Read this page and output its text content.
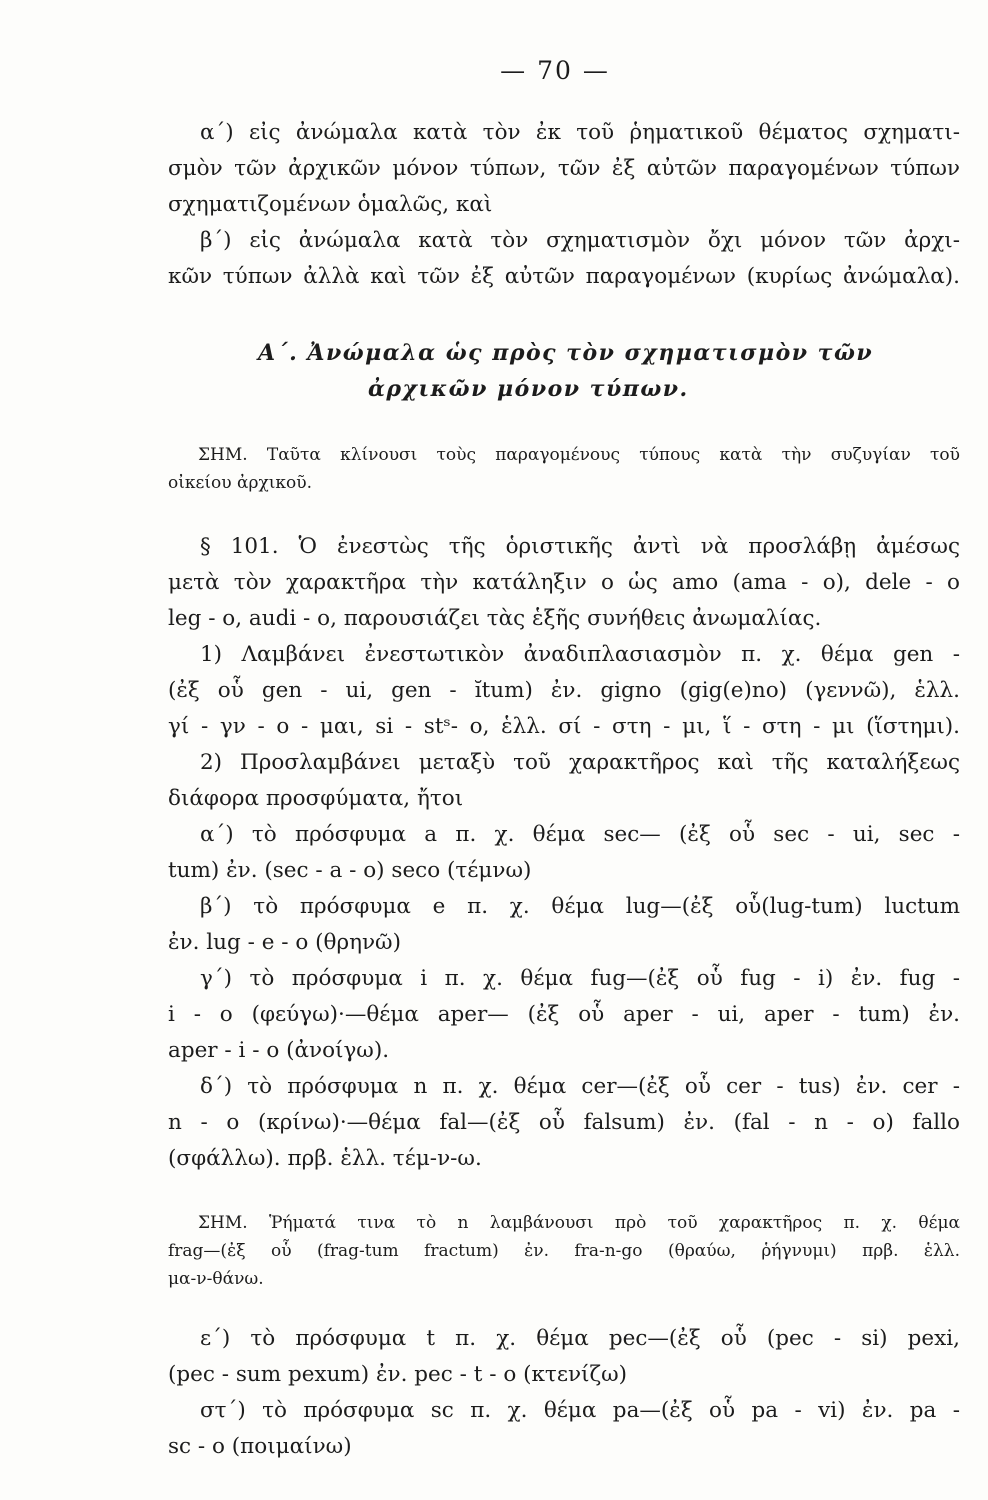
— 70 —
α΄) εἰς ἀνώμαλα κατὰ τὸν ἐκ τοῦ ῥηματικοῦ θέματος σχηματι-
σμὸν τῶν ἀρχικῶν μόνον τύπων, τῶν ἐξ αὐτῶν παραγομένων τύπων
σχηματιζομένων ὁμαλῶς, καὶ
β΄) εἰς ἀνώμαλα κατὰ τὸν σχηματισμὸν ὄχι μόνον τῶν ἀρχι-
κῶν τύπων ἀλλὰ καὶ τῶν ἐξ αὐτῶν παραγομένων (κυρίως ἀνώμαλα).
Α΄. Ἀνώμαλα ὡς πρὸς τὸν σχηματισμὸν τῶν
ἀρχικῶν μόνον τύπων.
ΣΗΜ. Ταῦτα κλίνουσι τοὺς παραγομένους τύπους κατὰ τὴν συζυγίαν τοῦ
οἰκείου ἀρχικοῦ.
§ 101. Ὁ ἐνεστὼς τῆς ὁριστικῆς ἀντὶ νὰ προσλάβῃ ἀμέσως
μετὰ τὸν χαρακτῆρα τὴν κατάληξιν ο ὡς amo (ama - o), dele - o
leg - o, audi - o, παρουσιάζει τὰς ἑξῆς συνήθεις ἀνωμαλίας.
1) Λαμβάνει ἐνεστωτικὸν ἀναδιπλασιασμὸν π. χ. θέμα gen -
(ἐξ οὗ gen - ui, gen - ĭtum) ἐν. gigno (gig(e)no) (γεννῶ), ἑλλ.
γί - γν - ο - μαι, si - stˢ- o, ἑλλ. σί - στη - μι, ἵ - στη - μι (ἵστημι).
2) Προσλαμβάνει μεταξὺ τοῦ χαρακτῆρος καὶ τῆς καταλήξεως
διάφορα προσφύματα, ἤτοι
α΄) τὸ πρόσφυμα a π. χ. θέμα sec— (ἐξ οὗ sec - ui, sec -
tum) ἐν. (sec - a - o) seco (τέμνω)
β΄) τὸ πρόσφυμα e π. χ. θέμα lug—(ἐξ οὗ(lug-tum) luctum
ἐν. lug - e - o (θρηνῶ)
γ΄) τὸ πρόσφυμα i π. χ. θέμα fug—(ἐξ οὗ fug - i) ἐν. fug -
i - o (φεύγω)·—θέμα aper— (ἐξ οὗ aper - ui, aper - tum) ἐν.
aper - i - o (ἀνοίγω).
δ΄) τὸ πρόσφυμα n π. χ. θέμα cer—(ἐξ οὗ cer - tus) ἐν. cer -
n - o (κρίνω)·—θέμα fal—(ἐξ οὗ falsum) ἐν. (fal - n - o) fallo
(σφάλλω). πρβ. ἑλλ. τέμ-ν-ω.
ΣΗΜ. Ῥήματά τινα τὸ n λαμβάνουσι πρὸ τοῦ χαρακτῆρος π. χ. θέμα
frag—(ἐξ οὗ (frag-tum fractum) ἐν. fra-n-go (θραύω, ῥήγνυμι) πρβ. ἑλλ.
μα-ν-θάνω.
ε΄) τὸ πρόσφυμα t π. χ. θέμα pec—(ἐξ οὗ (pec - si) pexi,
(pec - sum pexum) ἐν. pec - t - o (κτενίζω)
στ΄) τὸ πρόσφυμα sc π. χ. θέμα pa—(ἐξ οὗ pa - vi) ἐν. pa -
sc - o (ποιμαίνω)
